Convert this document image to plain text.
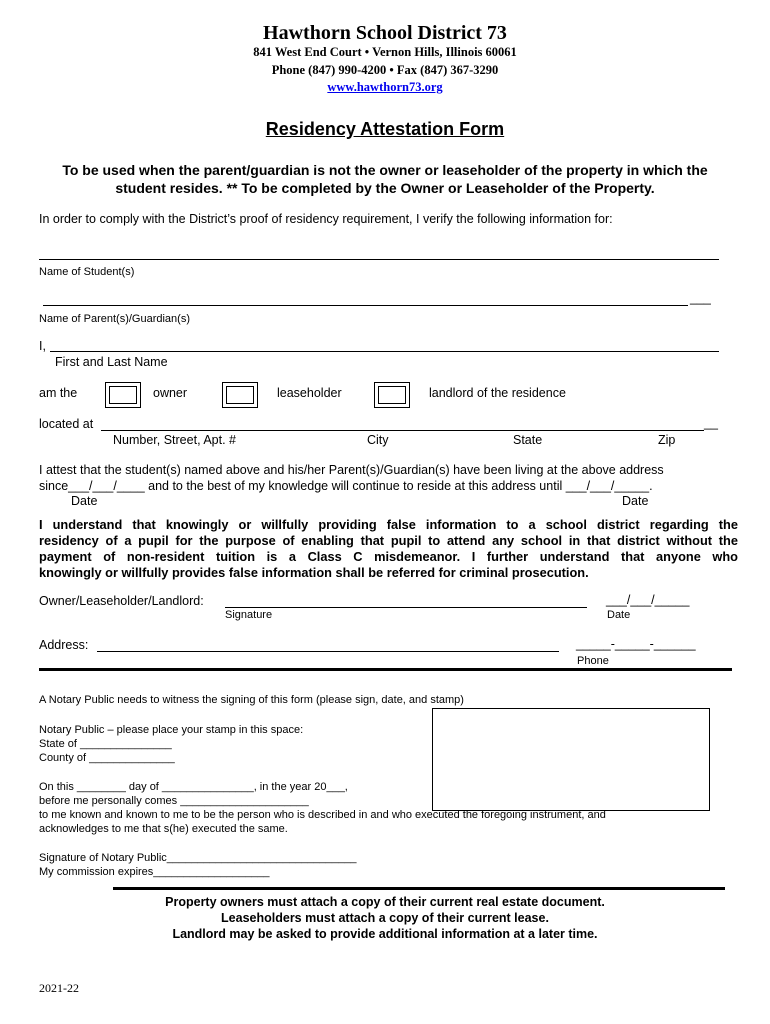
Hawthorn School District 73
841 West End Court • Vernon Hills, Illinois 60061
Phone (847) 990-4200 • Fax (847) 367-3290
www.hawthorn73.org
Residency Attestation Form
To be used when the parent/guardian is not the owner or leaseholder of the property in which the
student resides. ** To be completed by the Owner or Leaseholder of the Property.
In order to comply with the District’s proof of residency requirement, I verify the following information for:
Name of Student(s)
___
Name of Parent(s)/Guardian(s)
I,
First and Last Name
am the	owner	leaseholder	landlord of the residence
located at	__
Number, Street, Apt. #	City	State	Zip
I attest that the student(s) named above and his/her Parent(s)/Guardian(s) have been living at the above address
since___/___/____ and to the best of my knowledge will continue to reside at this address until ___/___/_____.
Date	Date
I understand that knowingly or willfully providing false information to a school district regarding the
residency of a pupil for the purpose of enabling that pupil to attend any school in that district without the
payment of non-resident tuition is a Class C misdemeanor. I further understand that anyone who
knowingly or willfully provides false information shall be referred for criminal prosecution.
Owner/Leaseholder/Landlord:	___/___/_____
Signature	Date
Address:	_____-_____-______
Phone
A Notary Public needs to witness the signing of this form (please sign, date, and stamp)
Notary Public – please place your stamp in this space:
State of _______________
County of ______________
On this ________ day of _______________, in the year 20___,
before me personally comes _____________________
to me known and known to me to be the person who is described in and who executed the foregoing instrument, and
acknowledges to me that s(he) executed the same.
Signature of Notary Public_______________________________
My commission expires___________________
Property owners must attach a copy of their current real estate document.
Leaseholders must attach a copy of their current lease.
Landlord may be asked to provide additional information at a later time.
2021-22
